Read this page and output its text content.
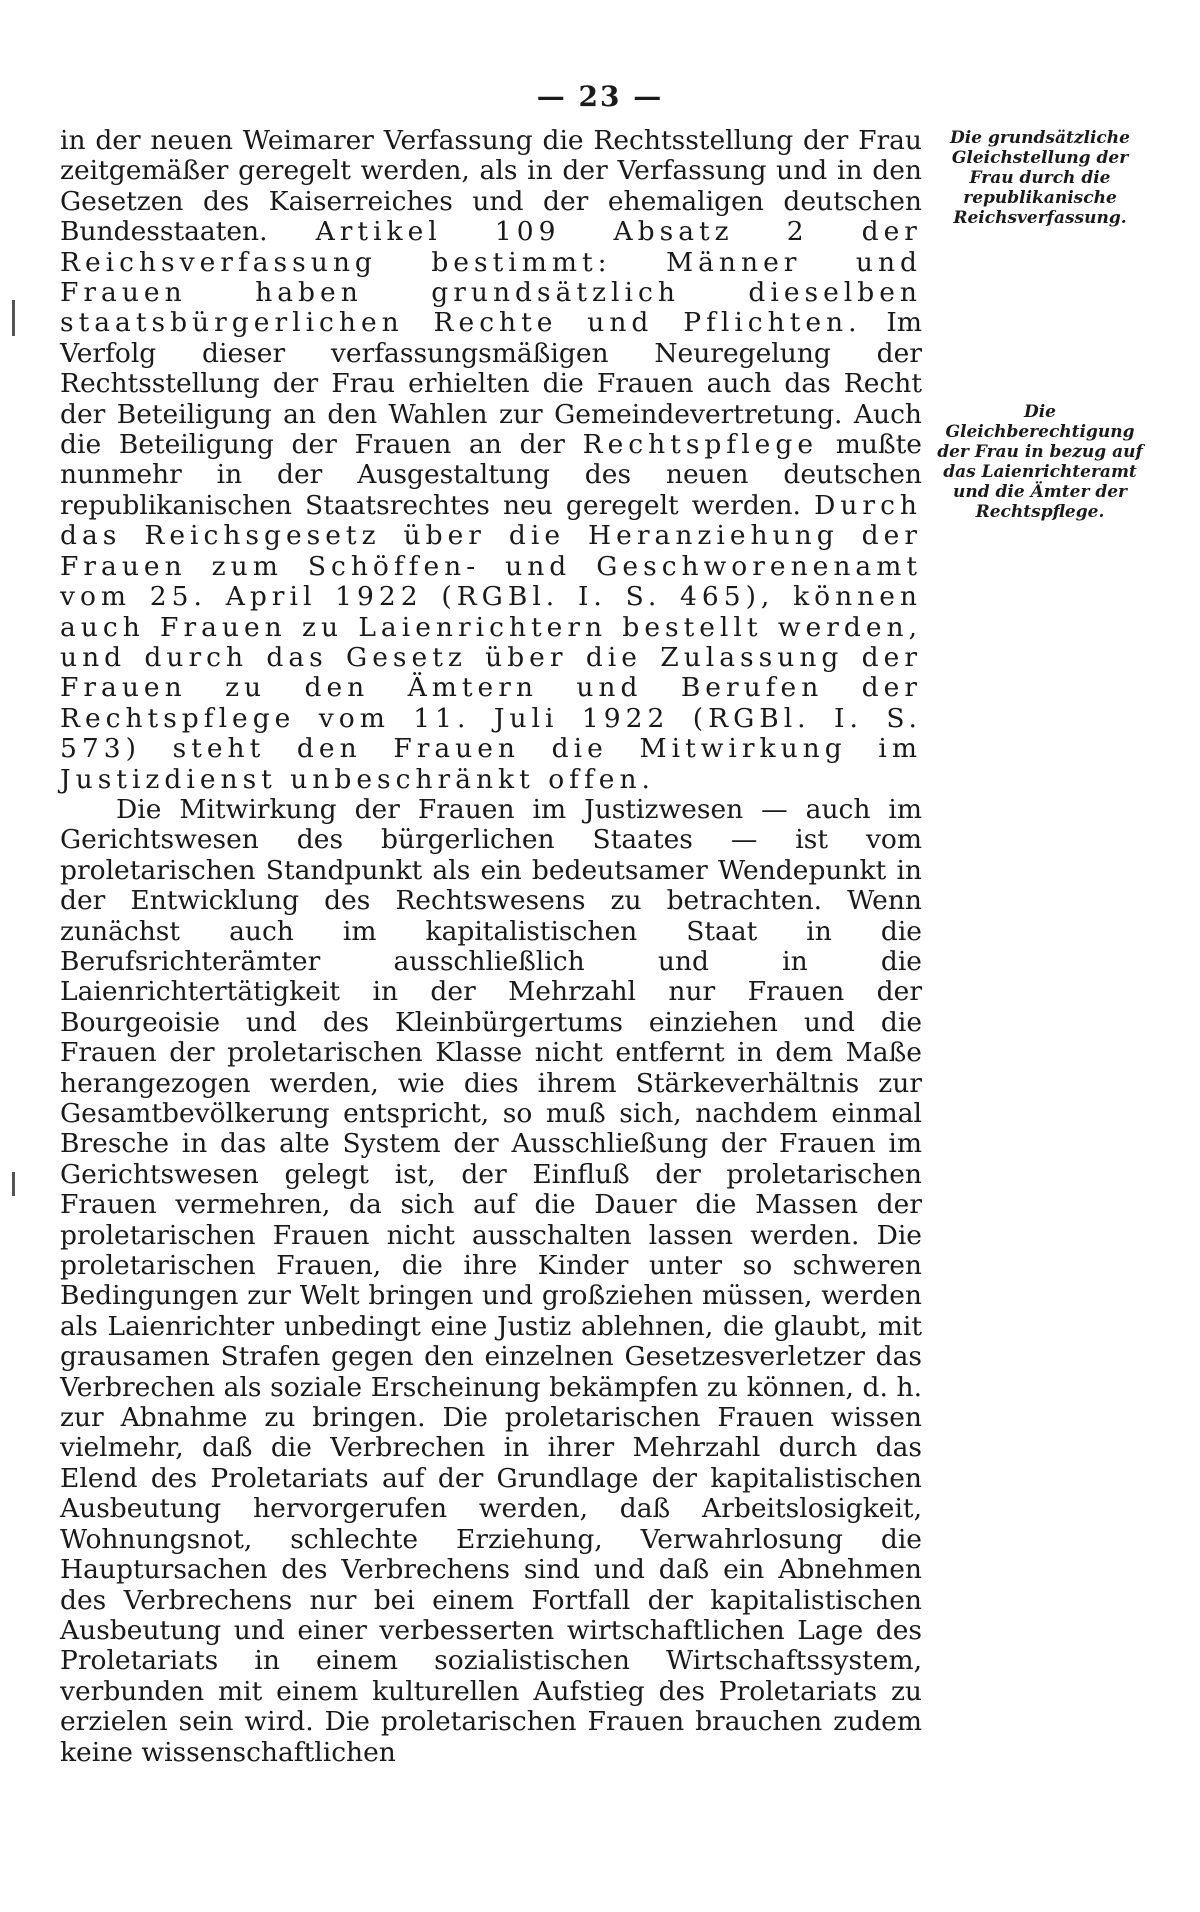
— 23 —

in der neuen Weimarer Verfassung die Rechtsstellung der Frau zeitgemäßer geregelt werden, als in der Verfassung und in den Gesetzen des Kaiserreiches und der ehemaligen deutschen Bundesstaaten. Artikel 109 Absatz 2 der Reichsverfassung bestimmt: Männer und Frauen haben grundsätzlich dieselben staatsbürgerlichen Rechte und Pflichten. Im Verfolg dieser verfassungsmäßigen Neuregelung der Rechtsstellung der Frau erhielten die Frauen auch das Recht der Beteiligung an den Wahlen zur Gemeindevertretung. Auch die Beteiligung der Frauen an der Rechtspflege mußte nunmehr in der Ausgestaltung des neuen deutschen republikanischen Staatsrechtes neu geregelt werden. Durch das Reichsgesetz über die Heranziehung der Frauen zum Schöffen- und Geschworenenamt vom 25. April 1922 (RGBl. I. S. 465), können auch Frauen zu Laienrichtern bestellt werden, und durch das Gesetz über die Zulassung der Frauen zu den Ämtern und Berufen der Rechtspflege vom 11. Juli 1922 (RGBl. I. S. 573) steht den Frauen die Mitwirkung im Justizdienst unbeschränkt offen.

Die Mitwirkung der Frauen im Justizwesen — auch im Gerichtswesen des bürgerlichen Staates — ist vom proletarischen Standpunkt als ein bedeutsamer Wendepunkt in der Entwicklung des Rechtswesens zu betrachten. Wenn zunächst auch im kapitalistischen Staat in die Berufsrichterämter ausschließlich und in die Laienrichtertätigkeit in der Mehrzahl nur Frauen der Bourgeoisie und des Kleinbürgertums einziehen und die Frauen der proletarischen Klasse nicht entfernt in dem Maße herangezogen werden, wie dies ihrem Stärkeverhältnis zur Gesamtbevölkerung entspricht, so muß sich, nachdem einmal Bresche in das alte System der Ausschließung der Frauen im Gerichtswesen gelegt ist, der Einfluß der proletarischen Frauen vermehren, da sich auf die Dauer die Massen der proletarischen Frauen nicht ausschalten lassen werden. Die proletarischen Frauen, die ihre Kinder unter so schweren Bedingungen zur Welt bringen und großziehen müssen, werden als Laienrichter unbedingt eine Justiz ablehnen, die glaubt, mit grausamen Strafen gegen den einzelnen Gesetzesverletzer das Verbrechen als soziale Erscheinung bekämpfen zu können, d. h. zur Abnahme zu bringen. Die proletarischen Frauen wissen vielmehr, daß die Verbrechen in ihrer Mehrzahl durch das Elend des Proletariats auf der Grundlage der kapitalistischen Ausbeutung hervorgerufen werden, daß Arbeitslosigkeit, Wohnungsnot, schlechte Erziehung, Verwahrlosung die Hauptursachen des Verbrechens sind und daß ein Abnehmen des Verbrechens nur bei einem Fortfall der kapitalistischen Ausbeutung und einer verbesserten wirtschaftlichen Lage des Proletariats in einem sozialistischen Wirtschaftssystem, verbunden mit einem kulturellen Aufstieg des Proletariats zu erzielen sein wird. Die proletarischen Frauen brauchen zudem keine wissenschaftlichen

Die grundsätzliche Gleichstellung der Frau durch die republikanische Reichsverfassung.
Die Gleichberechtigung der Frau in bezug auf das Laienrichteramt und die Ämter der Rechtspflege.
